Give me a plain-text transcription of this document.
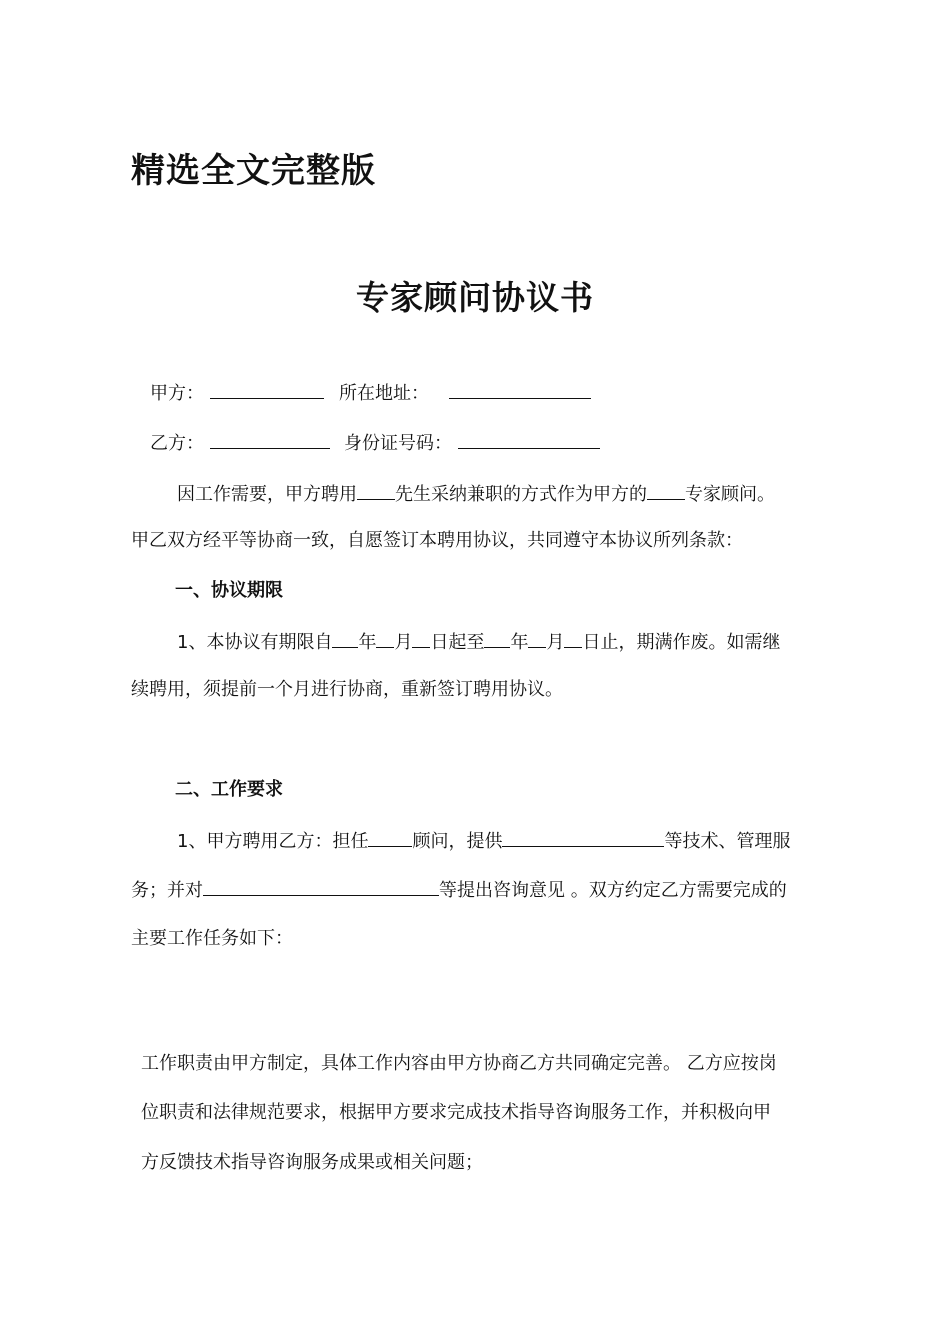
精选全文完整版
专家顾问协议书
甲方：	所在地址：
乙方：	身份证号码：
因工作需要，甲方聘用 先生采纳兼职的方式作为甲方的 专家顾问。
甲乙双方经平等协商一致，自愿签订本聘用协议，共同遵守本协议所列条款：
一、协议期限
1、本协议有期限自 年 月 日起至 年 月 日止，期满作废。如需继
续聘用，须提前一个月进行协商，重新签订聘用协议。
二、工作要求
1、甲方聘用乙方：担任 顾问，提供	等技术、管理服
务；并对	等提出咨询意见 。双方约定乙方需要完成的
主要工作任务如下：
工作职责由甲方制定，具体工作内容由甲方协商乙方共同确定完善。 乙方应按岗
位职责和法律规范要求，根据甲方要求完成技术指导咨询服务工作，并积极向甲
方反馈技术指导咨询服务成果或相关问题；
